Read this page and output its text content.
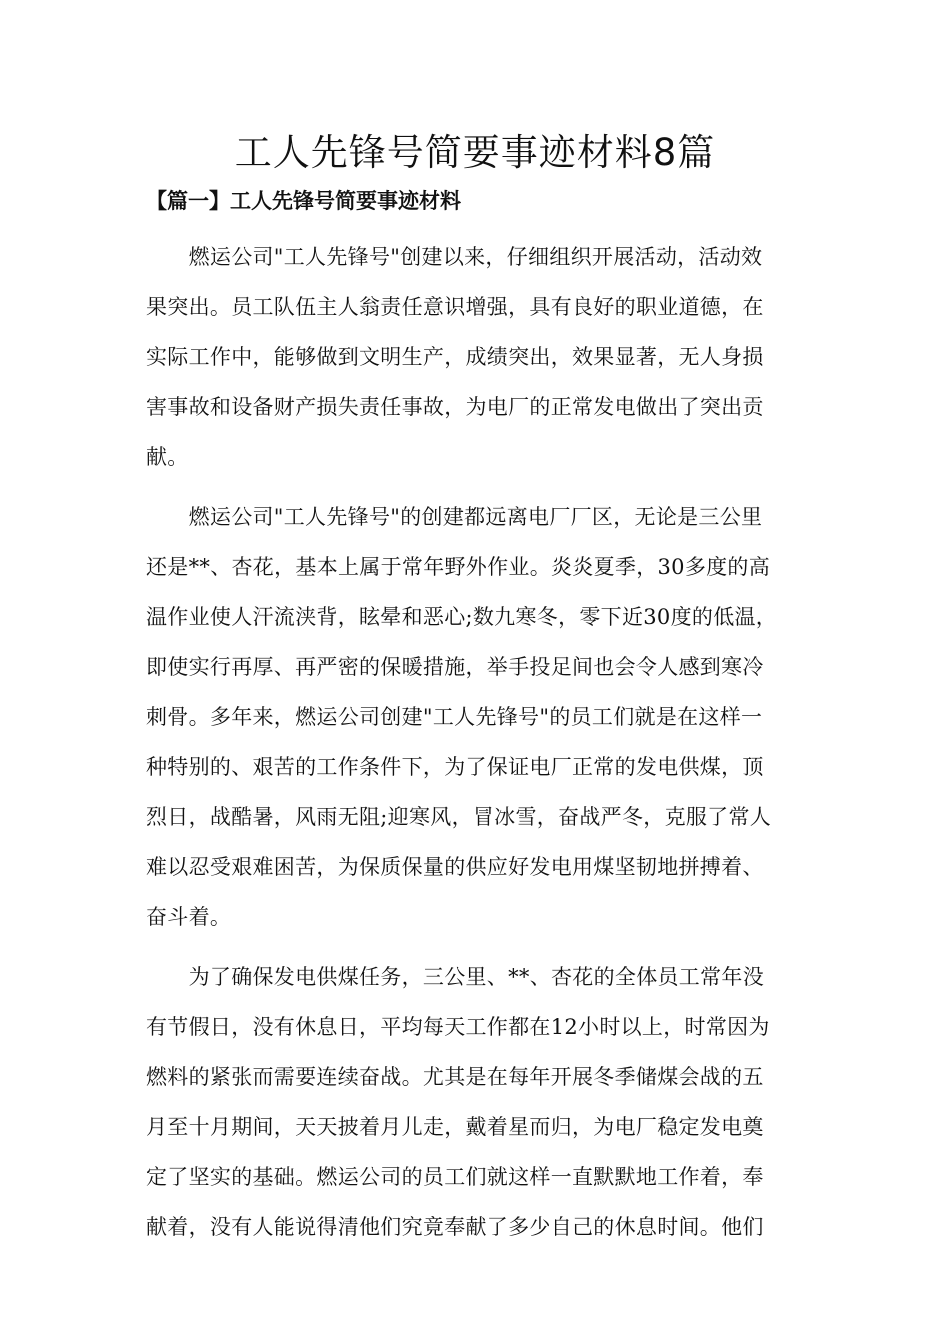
工人先锋号简要事迹材料8篇
【篇一】工人先锋号简要事迹材料

　　燃运公司"工人先锋号"创建以来，仔细组织开展活动，活动效
果突出。员工队伍主人翁责任意识增强，具有良好的职业道德，在
实际工作中，能够做到文明生产，成绩突出，效果显著，无人身损
害事故和设备财产损失责任事故，为电厂的正常发电做出了突出贡
献。

　　燃运公司"工人先锋号"的创建都远离电厂厂区，无论是三公里
还是**、杏花，基本上属于常年野外作业。炎炎夏季，30多度的高
温作业使人汗流浃背，眩晕和恶心;数九寒冬，零下近30度的低温，
即使实行再厚、再严密的保暖措施，举手投足间也会令人感到寒冷
刺骨。多年来，燃运公司创建"工人先锋号"的员工们就是在这样一
种特别的、艰苦的工作条件下，为了保证电厂正常的发电供煤，顶
烈日，战酷暑，风雨无阻;迎寒风，冒冰雪，奋战严冬，克服了常人
难以忍受艰难困苦，为保质保量的供应好发电用煤坚韧地拼搏着、
奋斗着。

　　为了确保发电供煤任务，三公里、**、杏花的全体员工常年没
有节假日，没有休息日，平均每天工作都在12小时以上，时常因为
燃料的紧张而需要连续奋战。尤其是在每年开展冬季储煤会战的五
月至十月期间，天天披着月儿走，戴着星而归，为电厂稳定发电奠
定了坚实的基础。燃运公司的员工们就这样一直默默地工作着，奉
献着，没有人能说得清他们究竟奉献了多少自己的休息时间。他们
